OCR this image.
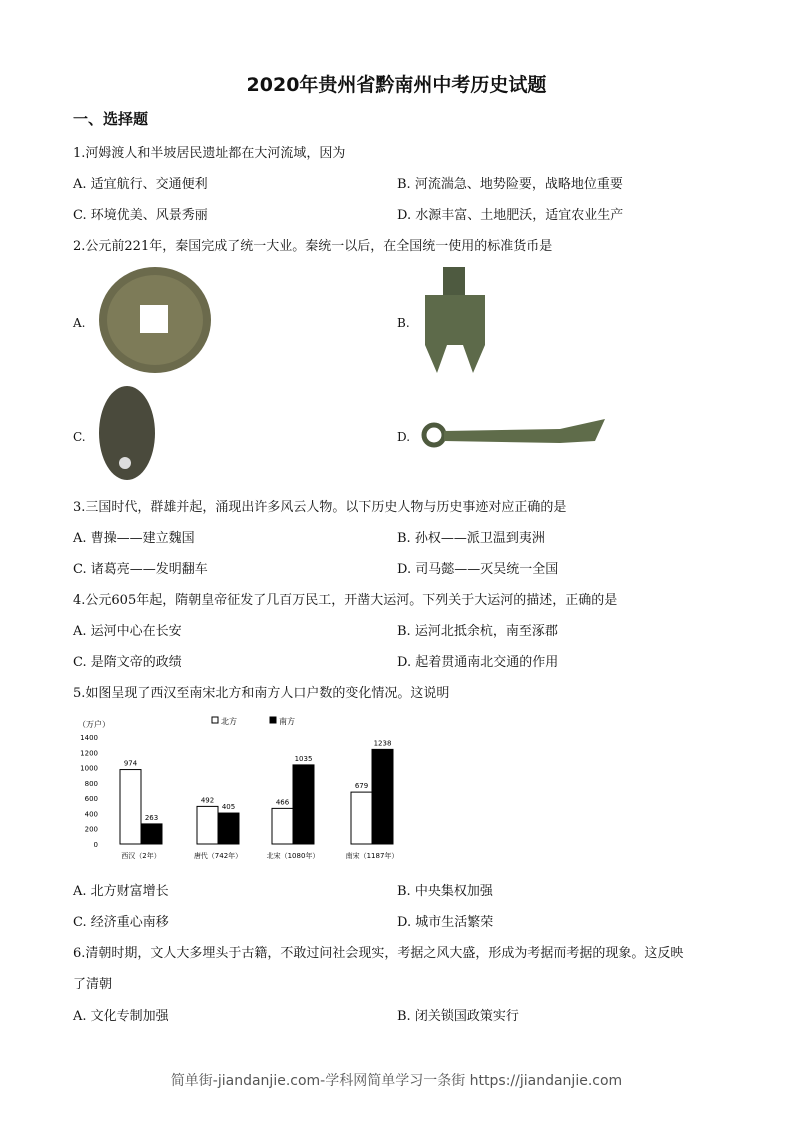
2020年贵州省黔南州中考历史试题
一、选择题
1.河姆渡人和半坡居民遗址都在大河流域，因为
A. 适宜航行、交通便利	B. 河流湍急、地势险要，战略地位重要
C. 环境优美、风景秀丽	D. 水源丰富、土地肥沃，适宜农业生产
2.公元前221年，秦国完成了统一大业。秦统一以后，在全国统一使用的标准货币是
A.	B.
C.	D.
3.三国时代，群雄并起，涌现出许多风云人物。以下历史人物与历史事迹对应正确的是
A. 曹操——建立魏国	B. 孙权——派卫温到夷洲
C. 诸葛亮——发明翻车	D. 司马懿——灭吴统一全国
4.公元605年起，隋朝皇帝征发了几百万民工，开凿大运河。下列关于大运河的描述，正确的是
A. 运河中心在长安	B. 运河北抵余杭，南至涿郡
C. 是隋文帝的政绩	D. 起着贯通南北交通的作用
5.如图呈现了西汉至南宋北方和南方人口户数的变化情况。这说明
（万户）
1400
1200
1000
800
600
400
200
0
北方	南方
974
263
西汉（2年）
492
405
唐代（742年）
466
1035
北宋（1080年）
679
1238
南宋（1187年）
A. 北方财富增长	B. 中央集权加强
C. 经济重心南移	D. 城市生活繁荣
6.清朝时期，文人大多埋头于古籍，不敢过问社会现实，考据之风大盛，形成为考据而考据的现象。这反映
了清朝
A. 文化专制加强	B. 闭关锁国政策实行
简单街-jiandanjie.com-学科网简单学习一条街 https://jiandanjie.com
